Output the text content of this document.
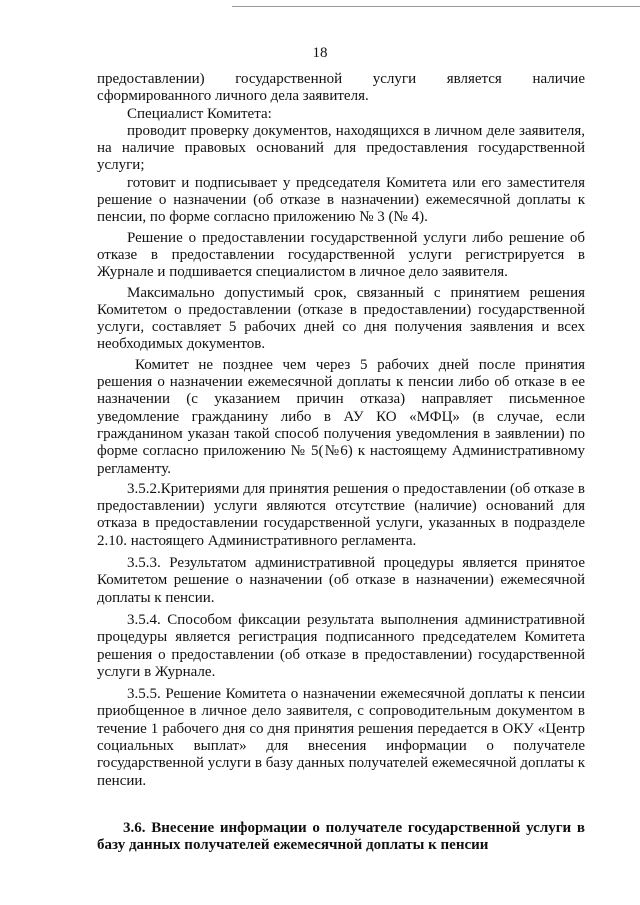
18

предоставлении) государственной услуги является наличие сформированного личного дела заявителя.

Специалист Комитета:

проводит проверку документов, находящихся в личном деле заявителя, на наличие правовых оснований для предоставления государственной услуги;

готовит и подписывает у председателя Комитета или его заместителя решение о назначении (об отказе в назначении) ежемесячной доплаты к пенсии, по форме согласно приложению № 3 (№ 4).

Решение о предоставлении государственной услуги либо решение об отказе в предоставлении государственной услуги регистрируется в Журнале и подшивается специалистом в личное дело заявителя.

Максимально допустимый срок, связанный с принятием решения Комитетом о предоставлении (отказе в предоставлении) государственной услуги, составляет 5 рабочих дней со дня получения заявления и всех необходимых документов.

Комитет не позднее чем через 5 рабочих дней после принятия решения о назначении ежемесячной доплаты к пенсии либо об отказе в ее назначении (с указанием причин отказа) направляет письменное уведомление гражданину либо в АУ КО «МФЦ» (в случае, если гражданином указан такой способ получения уведомления в заявлении) по форме согласно приложению № 5(№6) к настоящему Административному регламенту.

3.5.2.Критериями для принятия решения о предоставлении (об отказе в предоставлении) услуги являются отсутствие (наличие) оснований для отказа в предоставлении государственной услуги, указанных в подразделе 2.10. настоящего Административного регламента.

3.5.3. Результатом административной процедуры является принятое Комитетом решение о назначении (об отказе в назначении) ежемесячной доплаты к пенсии.

3.5.4. Способом фиксации результата выполнения административной процедуры является регистрация подписанного председателем Комитета решения о предоставлении (об отказе в предоставлении) государственной услуги в Журнале.

3.5.5. Решение Комитета о назначении ежемесячной доплаты к пенсии приобщенное в личное дело заявителя, с сопроводительным документом в течение 1 рабочего дня со дня принятия решения передается в ОКУ «Центр социальных выплат» для внесения информации о получателе государственной услуги в базу данных получателей ежемесячной доплаты к пенсии.

3.6. Внесение информации о получателе государственной услуги в базу данных получателей ежемесячной доплаты к пенсии
